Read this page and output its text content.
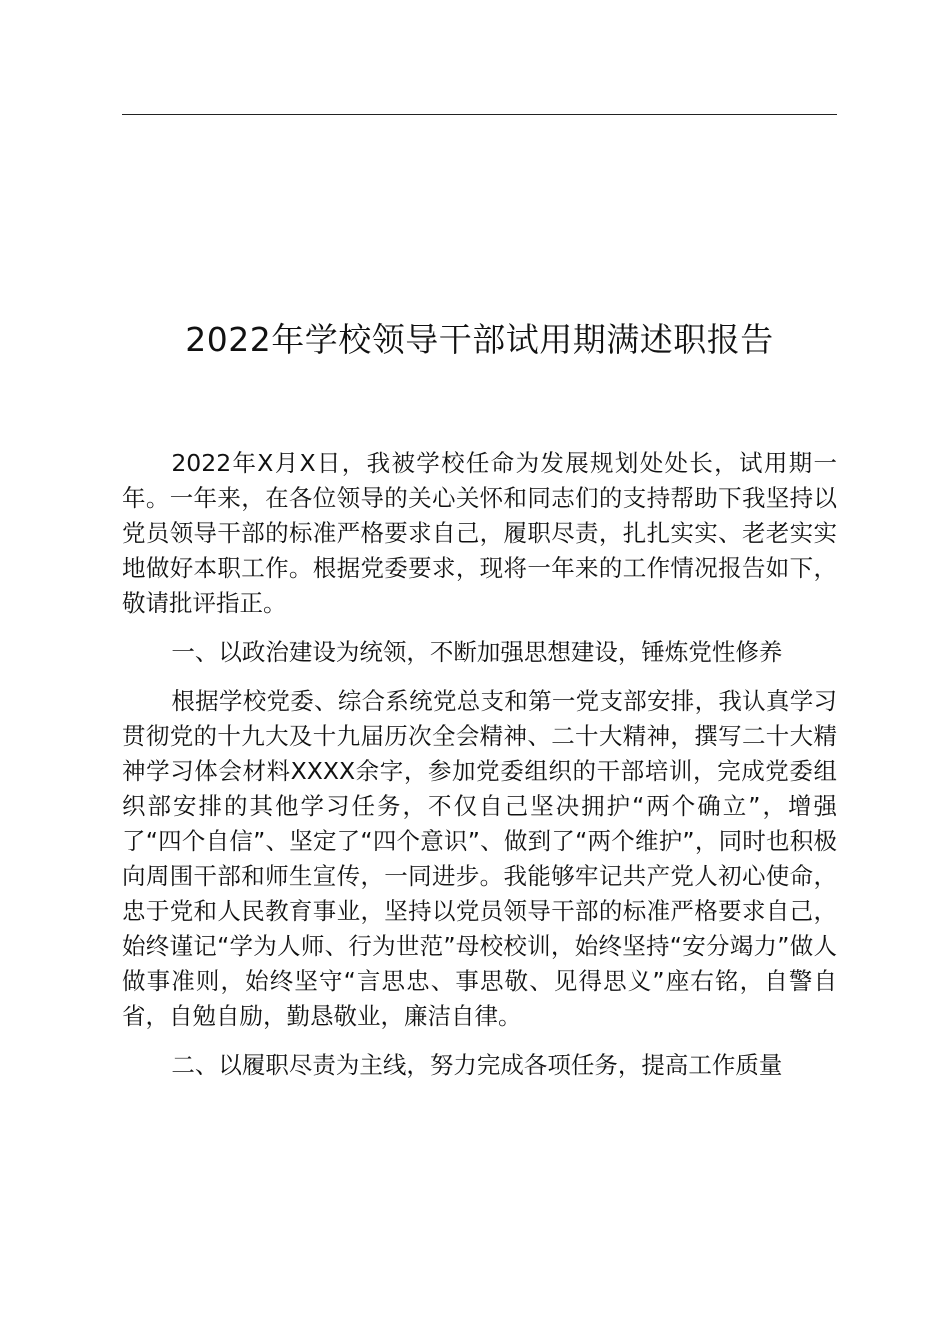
2022年学校领导干部试用期满述职报告

2022年X月X日，我被学校任命为发展规划处处长，试用期一年。一年来，在各位领导的关心关怀和同志们的支持帮助下我坚持以党员领导干部的标准严格要求自己，履职尽责，扎扎实实、老老实实地做好本职工作。根据党委要求，现将一年来的工作情况报告如下，敬请批评指正。

一、以政治建设为统领，不断加强思想建设，锤炼党性修养

根据学校党委、综合系统党总支和第一党支部安排，我认真学习贯彻党的十九大及十九届历次全会精神、二十大精神，撰写二十大精神学习体会材料XXXX余字，参加党委组织的干部培训，完成党委组织部安排的其他学习任务，不仅自己坚决拥护“两个确立”，增强了“四个自信”、坚定了“四个意识”、做到了“两个维护”，同时也积极向周围干部和师生宣传，一同进步。我能够牢记共产党人初心使命，忠于党和人民教育事业，坚持以党员领导干部的标准严格要求自己，始终谨记“学为人师、行为世范”母校校训，始终坚持“安分竭力”做人做事准则，始终坚守“言思忠、事思敬、见得思义”座右铭，自警自省，自勉自励，勤恳敬业，廉洁自律。

二、以履职尽责为主线，努力完成各项任务，提高工作质量
